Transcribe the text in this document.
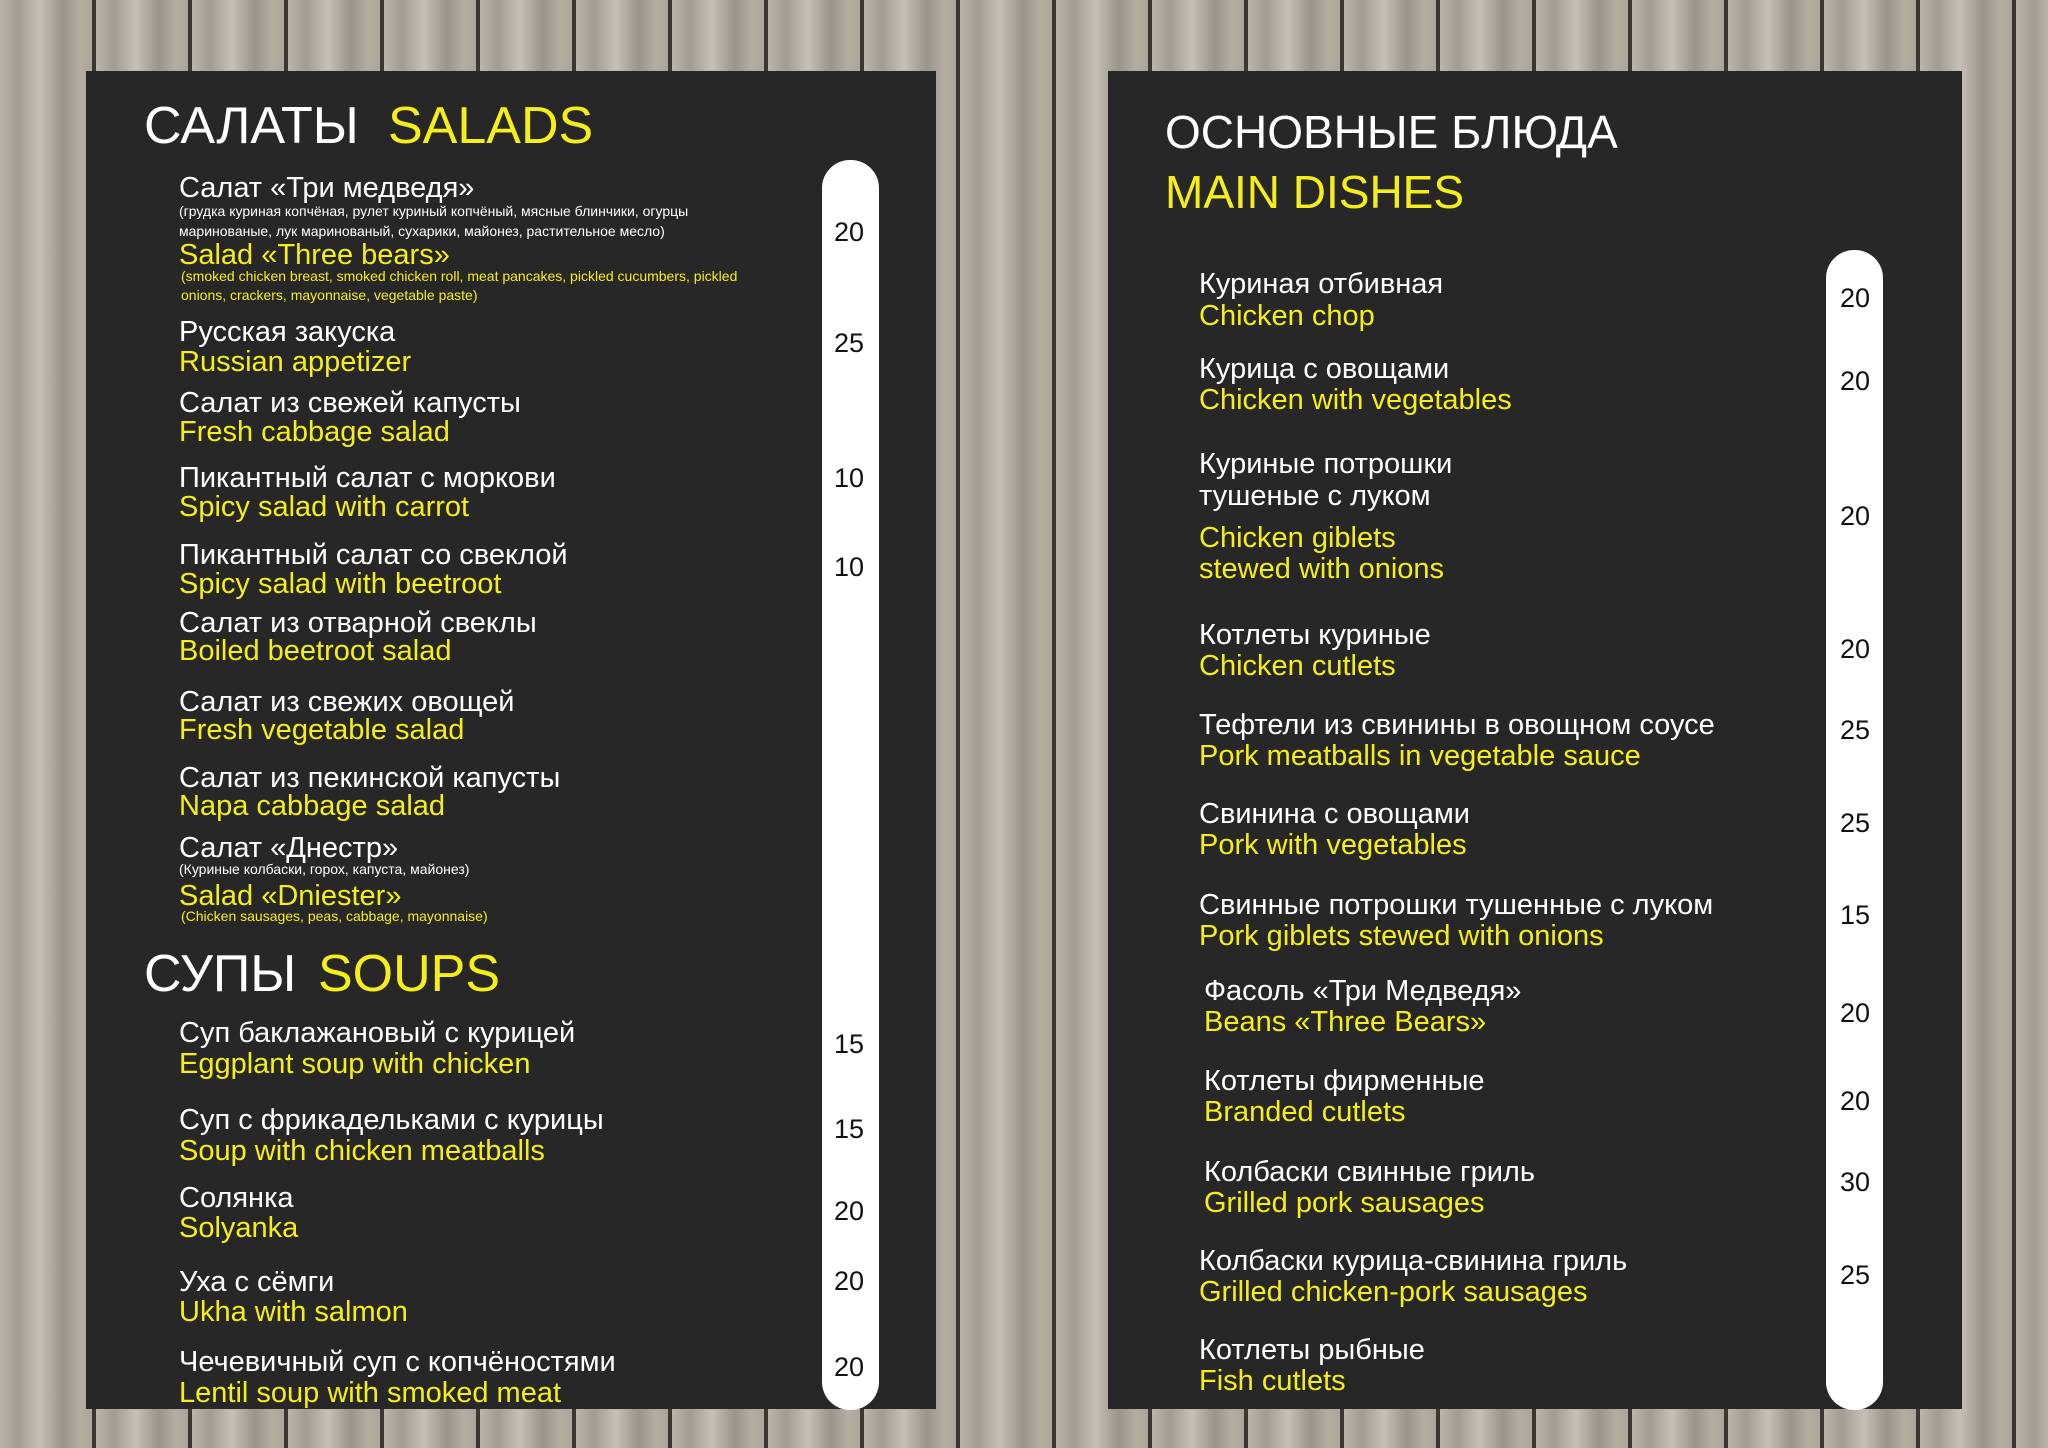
САЛАТЫ SALADS
Салат «Три медведя»
(грудка куриная копчёная, рулет куриный копчёный, мясные блинчики, огурцы маринованые, лук маринованый, сухарики, майонез, растительное месло)
Salad «Three bears»
(smoked chicken breast, smoked chicken roll, meat pancakes, pickled cucumbers, pickled onions, crackers, mayonnaise, vegetable paste)
20
Русская закуска
Russian appetizer
25
Салат из свежей капусты
Fresh cabbage salad
Пикантный салат с моркови
Spicy salad with carrot
10
Пикантный салат со свеклой
Spicy salad with beetroot
10
Салат из отварной свеклы
Boiled beetroot salad
Салат из свежих овощей
Fresh vegetable salad
Салат из пекинской капусты
Napa cabbage salad
Салат «Днестр»
(Куриные колбаски, горох, капуста, майонез)
Salad «Dniester»
(Chicken sausages, peas, cabbage, mayonnaise)
СУПЫ SOUPS
Суп баклажановый с курицей
Eggplant soup with chicken
15
Суп с фрикадельками с курицы
Soup with chicken meatballs
15
Солянка
Solyanka
20
Уха с сёмги
Ukha with salmon
20
Чечевичный суп с копчёностями
Lentil soup with smoked meat
20
ОСНОВНЫЕ БЛЮДА
MAIN DISHES
Куриная отбивная
Chicken chop
20
Курица с овощами
Chicken with vegetables
20
Куриные потрошки
тушеные с луком
Chicken giblets
stewed with onions
20
Котлеты куриные
Chicken cutlets
20
Тефтели из свинины в овощном соусе
Pork meatballs in vegetable sauce
25
Свинина с овощами
Pork with vegetables
25
Свинные потрошки тушенные с луком
Pork giblets stewed with onions
15
Фасоль «Три Медведя»
Beans «Three Bears»	20
Котлеты фирменные
Branded cutlets	20
Колбаски свинные гриль
Grilled pork sausages
30
Колбаски курица-свинина гриль
Grilled chicken-pork sausages
25
Котлеты рыбные
Fish cutlets
